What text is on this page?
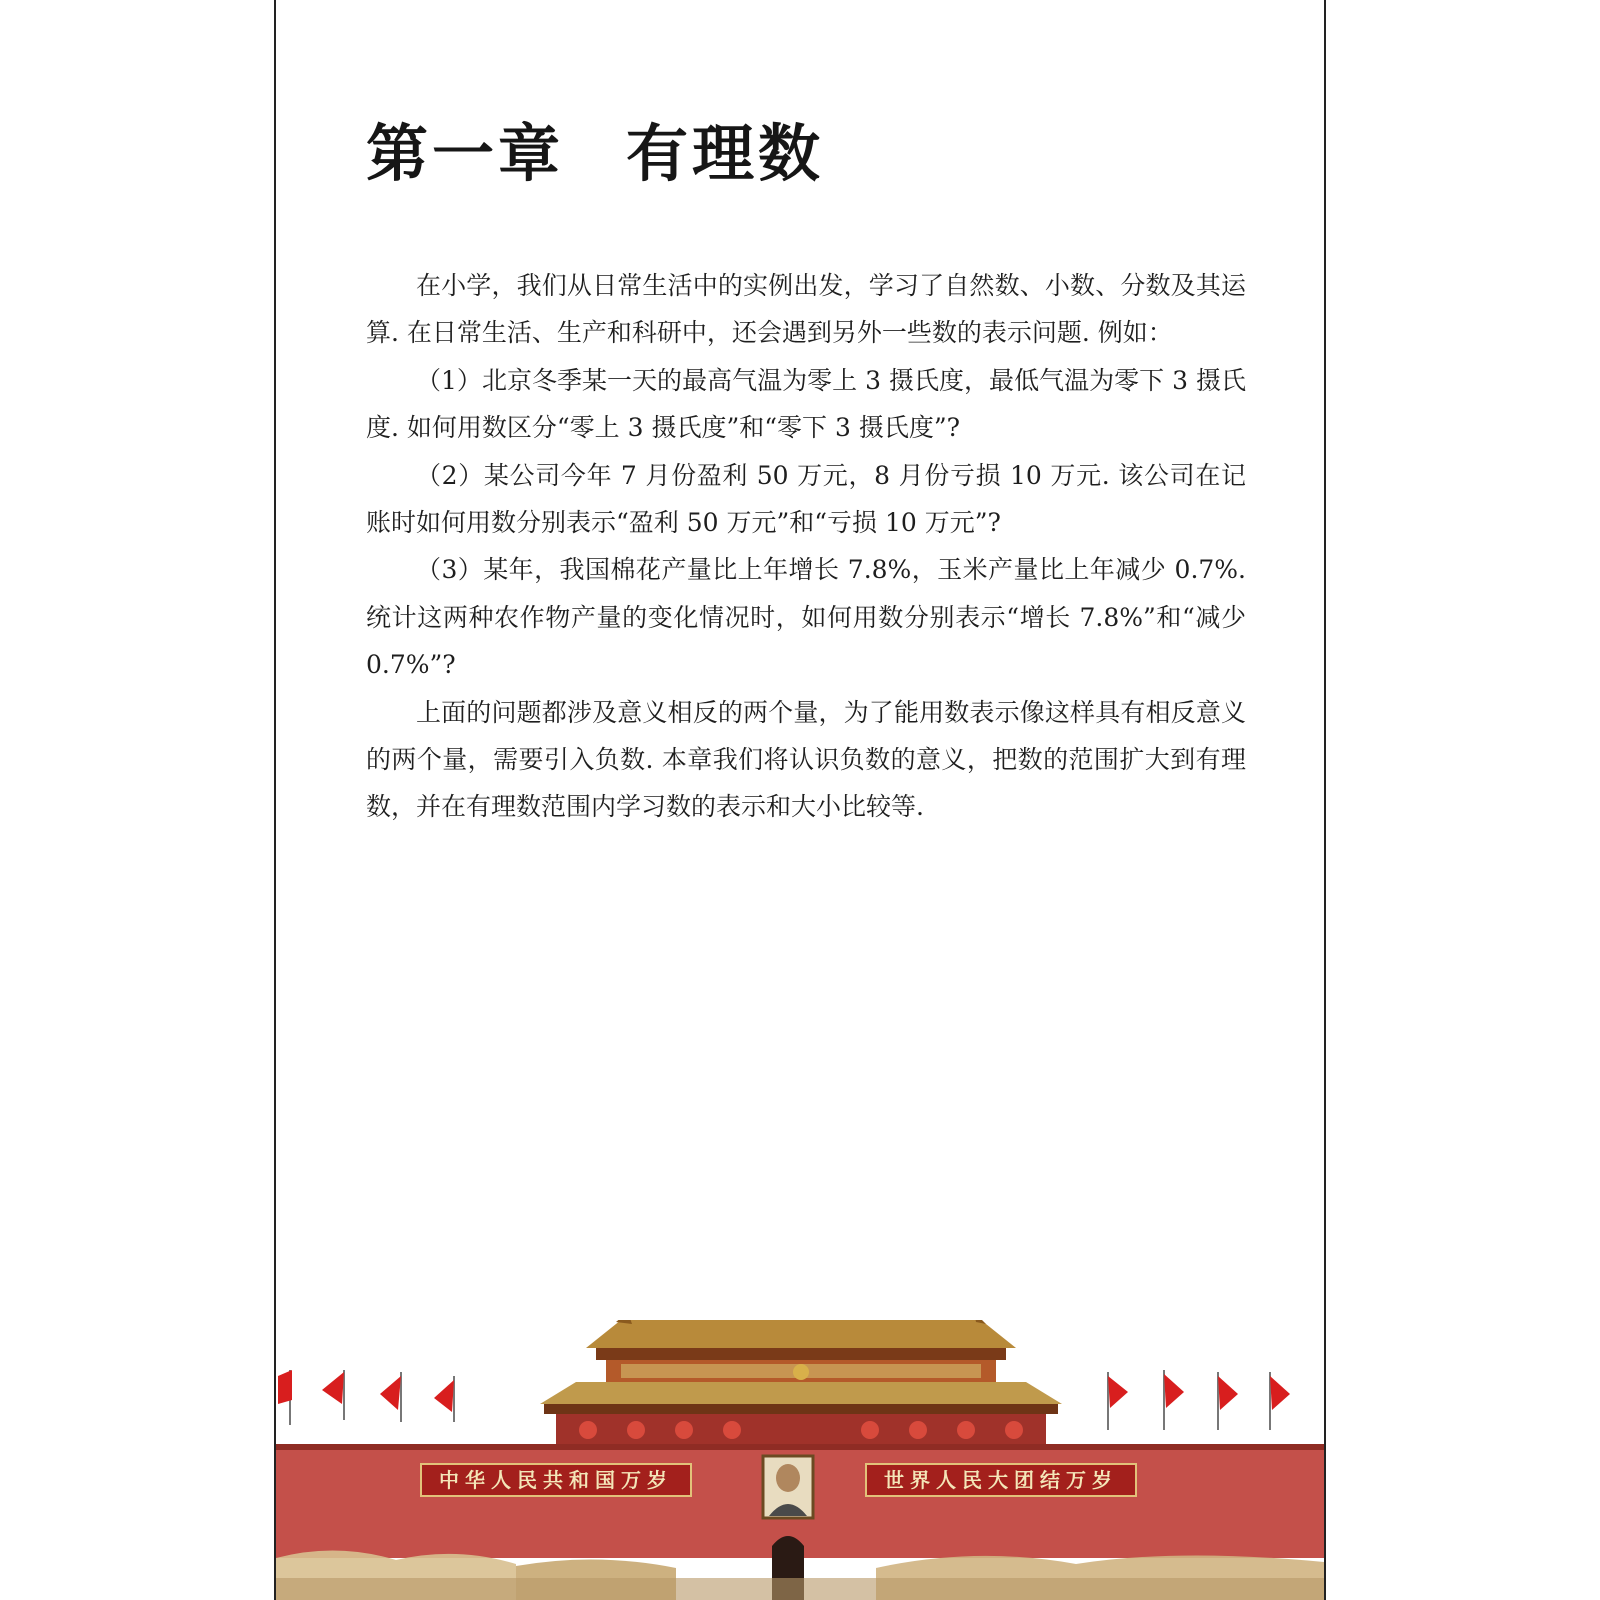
第一章 有理数

在小学，我们从日常生活中的实例出发，学习了自然数、小数、分数及其运算. 在日常生活、生产和科研中，还会遇到另外一些数的表示问题. 例如：

（1）北京冬季某一天的最高气温为零上 3 摄氏度，最低气温为零下 3 摄氏度. 如何用数区分“零上 3 摄氏度”和“零下 3 摄氏度”?

（2）某公司今年 7 月份盈利 50 万元，8 月份亏损 10 万元. 该公司在记账时如何用数分别表示“盈利 50 万元”和“亏损 10 万元”?

（3）某年，我国棉花产量比上年增长 7.8%，玉米产量比上年减少 0.7%. 统计这两种农作物产量的变化情况时，如何用数分别表示“增长 7.8%”和“减少 0.7%”?

上面的问题都涉及意义相反的两个量，为了能用数表示像这样具有相反意义的两个量，需要引入负数. 本章我们将认识负数的意义，把数的范围扩大到有理数，并在有理数范围内学习数的表示和大小比较等.

中华人民共和国万岁	世界人民大团结万岁
